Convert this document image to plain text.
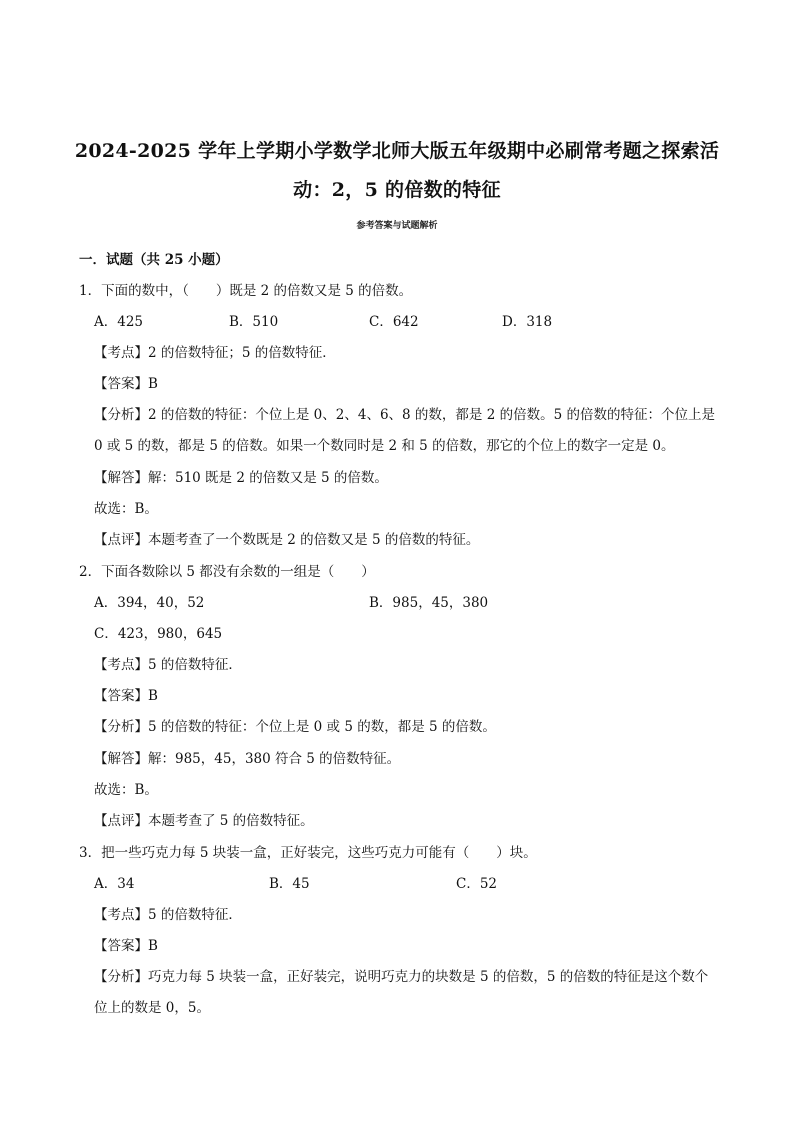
2024-2025 学年上学期小学数学北师大版五年级期中必刷常考题之探索活
动：2，5 的倍数的特征
参考答案与试题解析
一．试题（共 25 小题）
1．下面的数中，（　　）既是 2 的倍数又是 5 的倍数。
A．425	B．510	C．642	D．318
【考点】2 的倍数特征；5 的倍数特征．
【答案】B
【分析】2 的倍数的特征：个位上是 0、2、4、6、8 的数，都是 2 的倍数。5 的倍数的特征：个位上是
0 或 5 的数，都是 5 的倍数。如果一个数同时是 2 和 5 的倍数，那它的个位上的数字一定是 0。
【解答】解：510 既是 2 的倍数又是 5 的倍数。
故选：B。
【点评】本题考查了一个数既是 2 的倍数又是 5 的倍数的特征。
2．下面各数除以 5 都没有余数的一组是（　　）
A．394，40，52	B．985，45，380
C．423，980，645
【考点】5 的倍数特征．
【答案】B
【分析】5 的倍数的特征：个位上是 0 或 5 的数，都是 5 的倍数。
【解答】解：985，45，380 符合 5 的倍数特征。
故选：B。
【点评】本题考查了 5 的倍数特征。
3．把一些巧克力每 5 块装一盒，正好装完，这些巧克力可能有（　　）块。
A．34	B．45	C．52
【考点】5 的倍数特征．
【答案】B
【分析】巧克力每 5 块装一盒，正好装完，说明巧克力的块数是 5 的倍数，5 的倍数的特征是这个数个
位上的数是 0，5。
